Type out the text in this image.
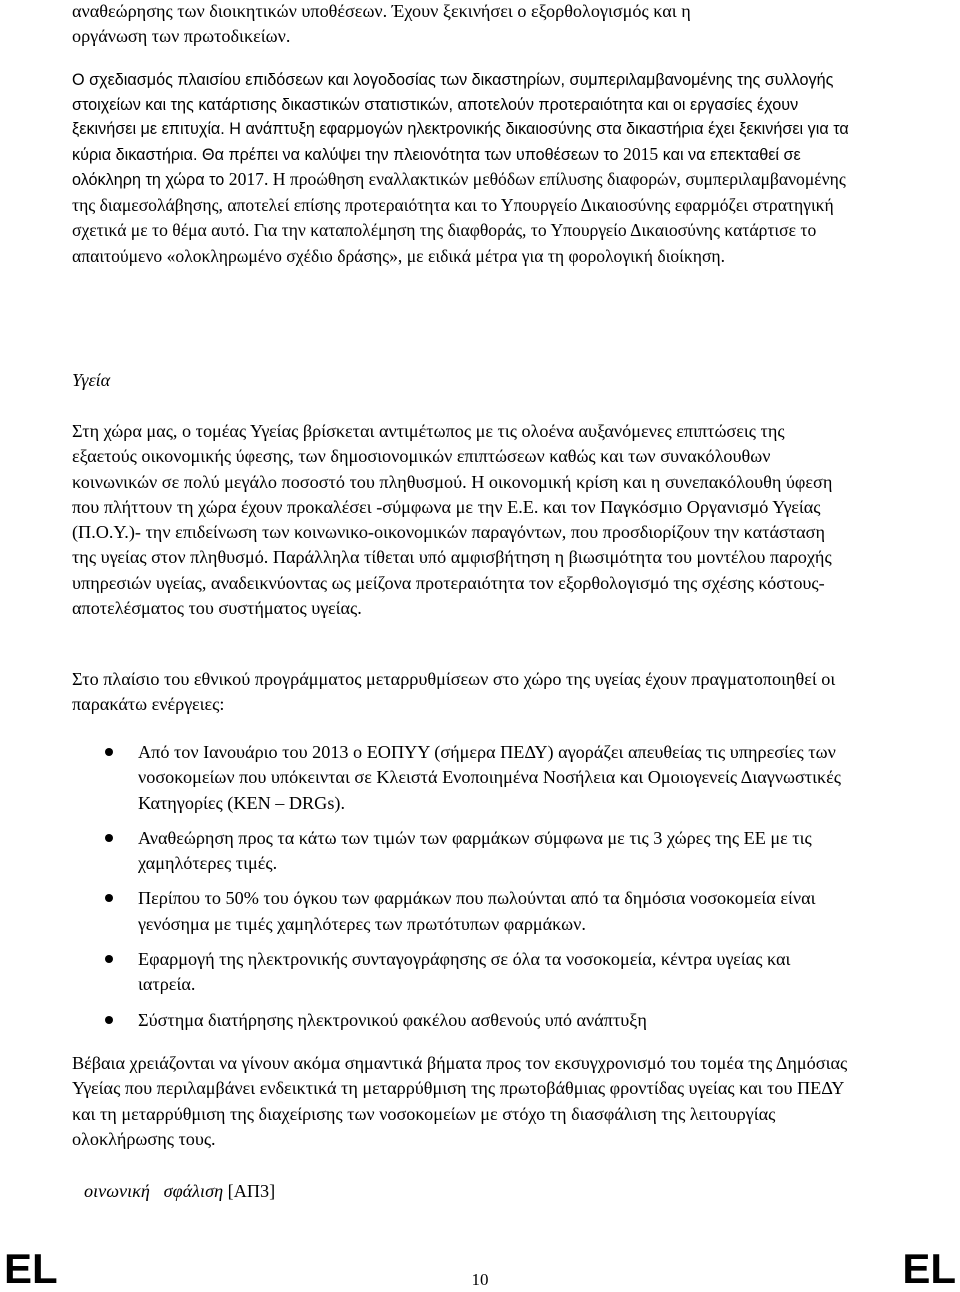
αναθεώρησης των διοικητικών υποθέσεων. Έχουν ξεκινήσει ο εξορθολογισμός και η
οργάνωση των πρωτοδικείων.

Ο σχεδιασμός πλαισίου επιδόσεων και λογοδοσίας των δικαστηρίων, συμπεριλαμβανομένης της συλλογής στοιχείων και της κατάρτισης δικαστικών στατιστικών, αποτελούν προτεραιότητα και οι εργασίες έχουν ξεκινήσει με επιτυχία. Η ανάπτυξη εφαρμογών ηλεκτρονικής δικαιοσύνης στα δικαστήρια έχει ξεκινήσει για τα κύρια δικαστήρια. Θα πρέπει να καλύψει την πλειονότητα των υποθέσεων το 2015 και να επεκταθεί σε ολόκληρη τη χώρα το 2017. Η προώθηση εναλλακτικών μεθόδων επίλυσης διαφορών, συμπεριλαμβανομένης της διαμεσολάβησης, αποτελεί επίσης προτεραιότητα και το Υπουργείο Δικαιοσύνης εφαρμόζει στρατηγική σχετικά με το θέμα αυτό. Για την καταπολέμηση της διαφθοράς, το Υπουργείο Δικαιοσύνης κατάρτισε το απαιτούμενο «ολοκληρωμένο σχέδιο δράσης», με ειδικά μέτρα για τη φορολογική διοίκηση.

Υγεία

Στη χώρα μας, ο τομέας Υγείας βρίσκεται αντιμέτωπος με τις ολοένα αυξανόμενες επιπτώσεις της εξαετούς οικονομικής ύφεσης, των δημοσιονομικών επιπτώσεων καθώς και των συνακόλουθων κοινωνικών σε πολύ μεγάλο ποσοστό του πληθυσμού. Η οικονομική κρίση και η συνεπακόλουθη ύφεση που πλήττουν τη χώρα έχουν προκαλέσει -σύμφωνα με την Ε.Ε. και τον Παγκόσμιο Οργανισμό Υγείας (Π.Ο.Υ.)- την επιδείνωση των κοινωνικο-οικονομικών παραγόντων, που προσδιορίζουν την κατάσταση της υγείας στον πληθυσμό. Παράλληλα τίθεται υπό αμφισβήτηση η βιωσιμότητα του μοντέλου παροχής υπηρεσιών υγείας, αναδεικνύοντας ως μείζονα προτεραιότητα τον εξορθολογισμό της σχέσης κόστους-αποτελέσματος του συστήματος υγείας.

Στο πλαίσιο του εθνικού προγράμματος μεταρρυθμίσεων στο χώρο της υγείας έχουν πραγματοποιηθεί οι παρακάτω ενέργειες:

Από τον Ιανουάριο του 2013 ο ΕΟΠΥΥ (σήμερα ΠΕΔΥ) αγοράζει απευθείας τις υπηρεσίες των νοσοκομείων που υπόκεινται σε Κλειστά Ενοποιημένα Νοσήλεια και Ομοιογενείς Διαγνωστικές Κατηγορίες (ΚΕΝ – DRGs).
Αναθεώρηση προς τα κάτω των τιμών των φαρμάκων σύμφωνα με τις 3 χώρες της ΕΕ με τις χαμηλότερες τιμές.
Περίπου το 50% του όγκου των φαρμάκων που πωλούνται από τα δημόσια νοσοκομεία είναι γενόσημα με τιμές χαμηλότερες των πρωτότυπων φαρμάκων.
Εφαρμογή της ηλεκτρονικής συνταγογράφησης σε όλα τα νοσοκομεία, κέντρα υγείας και ιατρεία.
Σύστημα διατήρησης ηλεκτρονικού φακέλου ασθενούς υπό ανάπτυξη

Βέβαια χρειάζονται να γίνουν ακόμα σημαντικά βήματα προς τον εκσυγχρονισμό του τομέα της Δημόσιας Υγείας που περιλαμβάνει ενδεικτικά τη μεταρρύθμιση της πρωτοβάθμιας φροντίδας υγείας και του ΠΕΔΥ και τη μεταρρύθμιση της διαχείρισης των νοσοκομείων με στόχο τη διασφάλιση της λειτουργίας ολοκλήρωσης τους.

οινωνική σφάλιση [ΑΠ3]

EL	10	EL
